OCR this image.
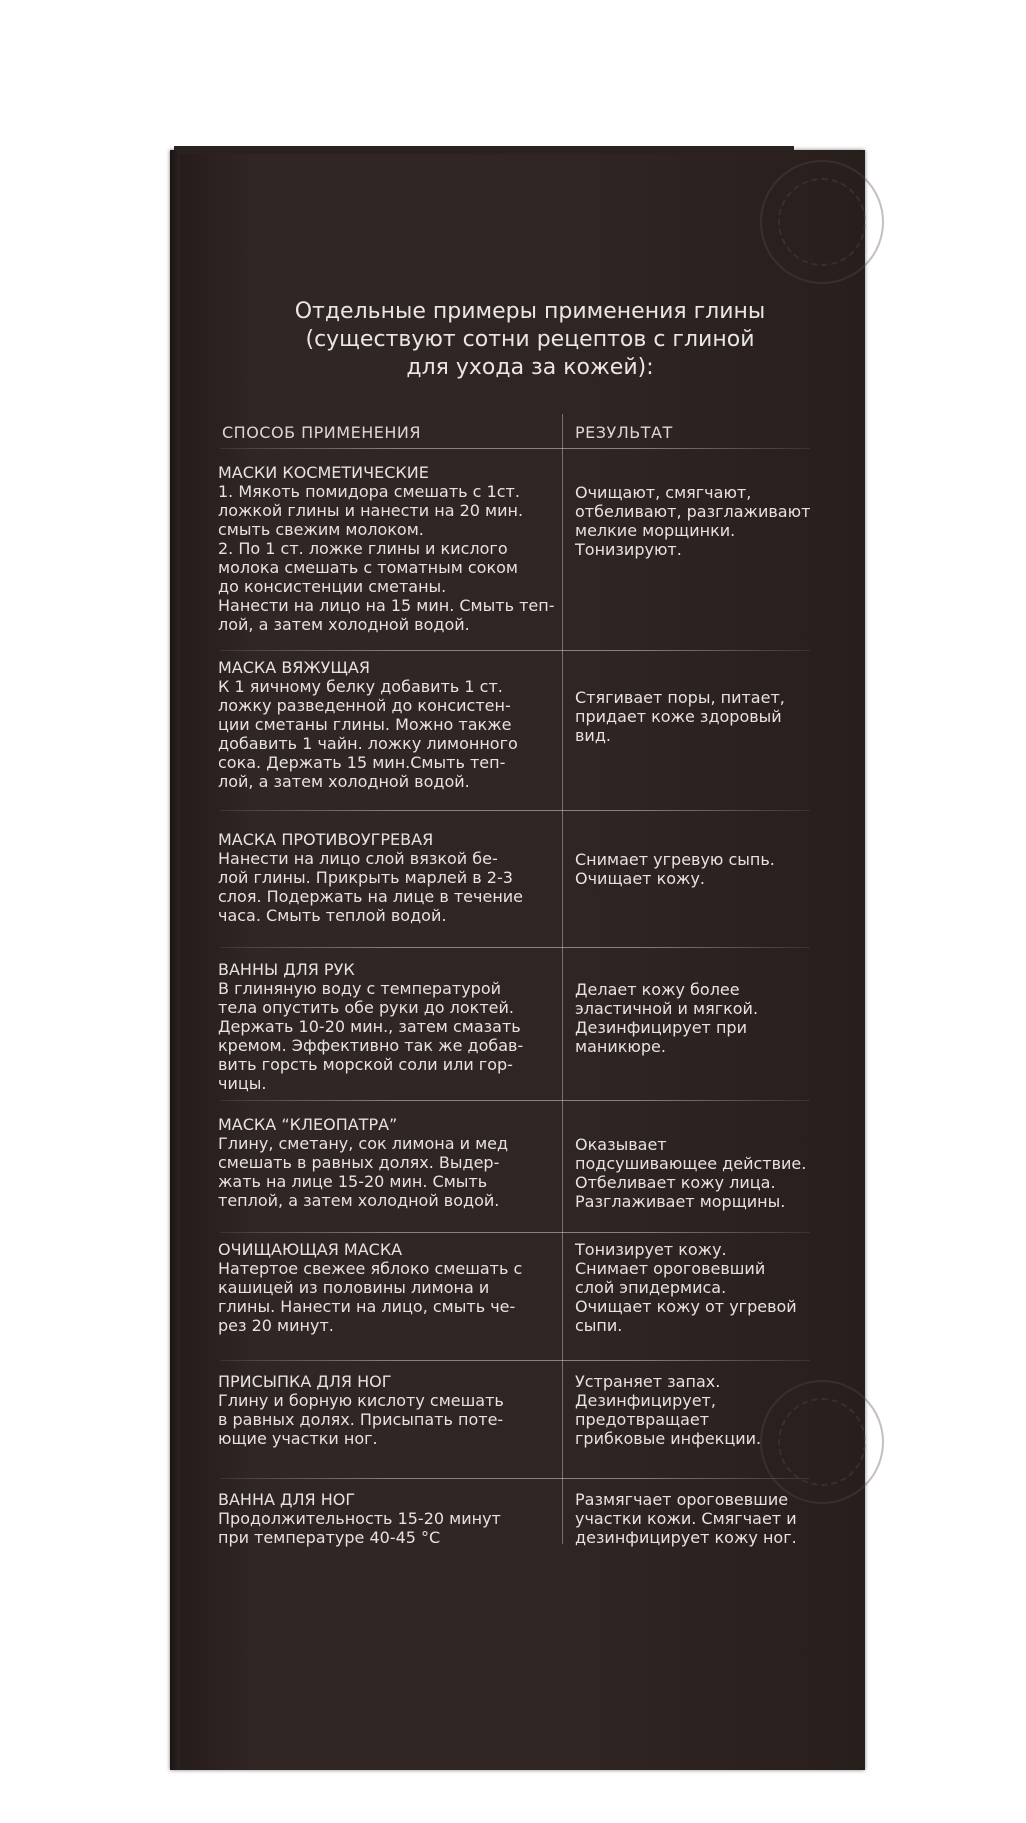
Отдельные примеры применения глины
(существуют сотни рецептов с глиной
для ухода за кожей):
СПОСОБ ПРИМЕНЕНИЯ	РЕЗУЛЬТАТ
МАСКИ КОСМЕТИЧЕСКИЕ
1. Мякоть помидора смешать с 1ст.
ложкой глины и нанести на 20 мин.
смыть свежим молоком.
2. По 1 ст. ложке глины и кислого
молока смешать с томатным соком
до консистенции сметаны.
Нанести на лицо на 15 мин. Смыть теп-
лой, а затем холодной водой.
Очищают, смягчают,
отбеливают, разглаживают
мелкие морщинки.
Тонизируют.
МАСКА ВЯЖУЩАЯ
К 1 яичному белку добавить 1 ст.
ложку разведенной до консистен-
ции сметаны глины. Можно также
добавить 1 чайн. ложку лимонного
сока. Держать 15 мин.Смыть теп-
лой, а затем холодной водой.
Стягивает поры, питает,
придает коже здоровый
вид.
МАСКА ПРОТИВОУГРЕВАЯ
Нанести на лицо слой вязкой бе-
лой глины. Прикрыть марлей в 2-3
слоя. Подержать на лице в течение
часа. Смыть теплой водой.
Снимает угревую сыпь.
Очищает кожу.
ВАННЫ ДЛЯ РУК
В глиняную воду с температурой
тела опустить обе руки до локтей.
Держать 10-20 мин., затем смазать
кремом. Эффективно так же добав-
вить горсть морской соли или гор-
чицы.
Делает кожу более
эластичной и мягкой.
Дезинфицирует при
маникюре.
МАСКА “КЛЕОПАТРА”
Глину, сметану, сок лимона и мед
смешать в равных долях. Выдер-
жать на лице 15-20 мин. Смыть
теплой, а затем холодной водой.
Оказывает
подсушивающее действие.
Отбеливает кожу лица.
Разглаживает морщины.
ОЧИЩАЮЩАЯ МАСКА
Натертое свежее яблоко смешать с
кашицей из половины лимона и
глины. Нанести на лицо, смыть че-
рез 20 минут.
Тонизирует кожу.
Снимает ороговевший
слой эпидермиса.
Очищает кожу от угревой
сыпи.
ПРИСЫПКА ДЛЯ НОГ
Глину и борную кислоту смешать
в равных долях. Присыпать поте-
ющие участки ног.
Устраняет запах.
Дезинфицирует,
предотвращает
грибковые инфекции.
ВАННА ДЛЯ НОГ
Продолжительность 15-20 минут
при температуре 40-45 °С
Размягчает ороговевшие
участки кожи. Смягчает и
дезинфицирует кожу ног.
